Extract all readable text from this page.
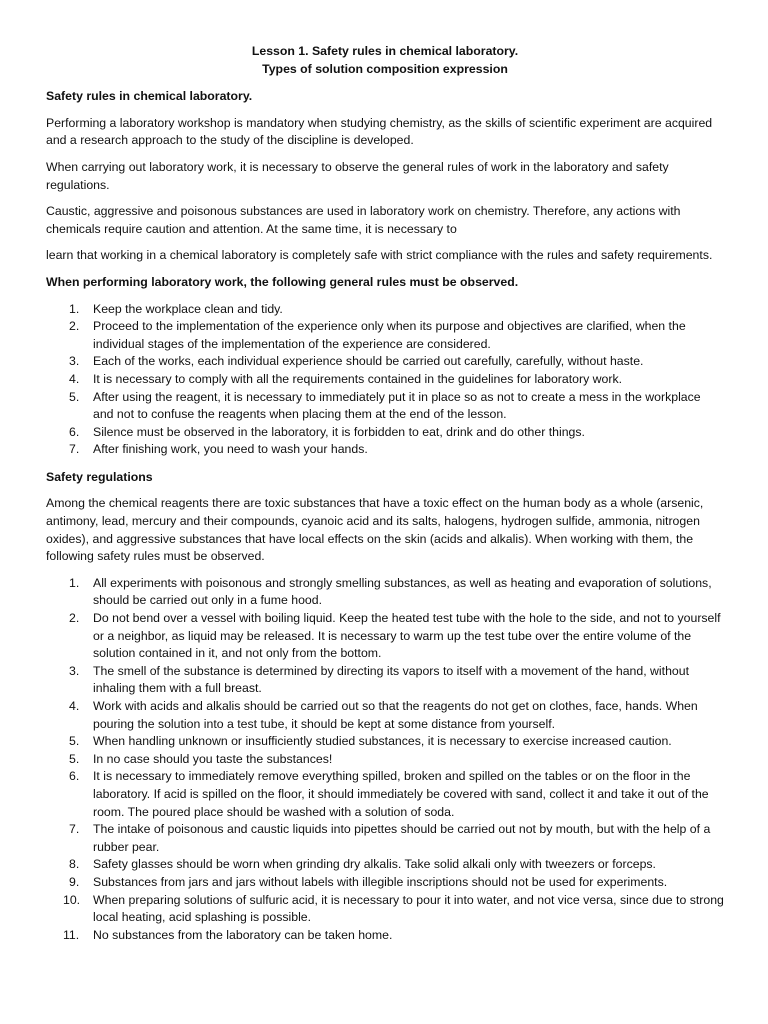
Lesson 1. Safety rules in chemical laboratory.
Types of solution composition expression
Safety rules in chemical laboratory.

Performing a laboratory workshop is mandatory when studying chemistry, as the skills of scientific experiment are acquired and a research approach to the study of the discipline is developed.

When carrying out laboratory work, it is necessary to observe the general rules of work in the laboratory and safety regulations.

Caustic, aggressive and poisonous substances are used in laboratory work on chemistry. Therefore, any actions with chemicals require caution and attention. At the same time, it is necessary to

learn that working in a chemical laboratory is completely safe with strict compliance with the rules and safety requirements.

When performing laboratory work, the following general rules must be observed.
1.	Keep the workplace clean and tidy.
2.	Proceed to the implementation of the experience only when its purpose and objectives are clarified, when the individual stages of the implementation of the experience are considered.
3.	Each of the works, each individual experience should be carried out carefully, carefully, without haste.
4.	It is necessary to comply with all the requirements contained in the guidelines for laboratory work.
5.	After using the reagent, it is necessary to immediately put it in place so as not to create a mess in the workplace and not to confuse the reagents when placing them at the end of the lesson.
6.	Silence must be observed in the laboratory, it is forbidden to eat, drink and do other things.
7.	After finishing work, you need to wash your hands.
Safety regulations

Among the chemical reagents there are toxic substances that have a toxic effect on the human body as a whole (arsenic, antimony, lead, mercury and their compounds, cyanoic acid and its salts, halogens, hydrogen sulfide, ammonia, nitrogen oxides), and aggressive substances that have local effects on the skin (acids and alkalis). When working with them, the following safety rules must be observed.

1.	All experiments with poisonous and strongly smelling substances, as well as heating and evaporation of solutions, should be carried out only in a fume hood.
2.	Do not bend over a vessel with boiling liquid. Keep the heated test tube with the hole to the side, and not to yourself or a neighbor, as liquid may be released. It is necessary to warm up the test tube over the entire volume of the solution contained in it, and not only from the bottom.
3.	The smell of the substance is determined by directing its vapors to itself with a movement of the hand, without inhaling them with a full breast.
4.	Work with acids and alkalis should be carried out so that the reagents do not get on clothes, face, hands. When pouring the solution into a test tube, it should be kept at some distance from yourself.
5.	When handling unknown or insufficiently studied substances, it is necessary to exercise increased caution.
5.	In no case should you taste the substances!
6.	It is necessary to immediately remove everything spilled, broken and spilled on the tables or on the floor in the laboratory. If acid is spilled on the floor, it should immediately be covered with sand, collect it and take it out of the room. The poured place should be washed with a solution of soda.
7.	The intake of poisonous and caustic liquids into pipettes should be carried out not by mouth, but with the help of a rubber pear.
8.	Safety glasses should be worn when grinding dry alkalis. Take solid alkali only with tweezers or forceps.
9.	Substances from jars and jars without labels with illegible inscriptions should not be used for experiments.
10. When preparing solutions of sulfuric acid, it is necessary to pour it into water, and not vice versa, since due to strong local heating, acid splashing is possible.
11.	No substances from the laboratory can be taken home.
